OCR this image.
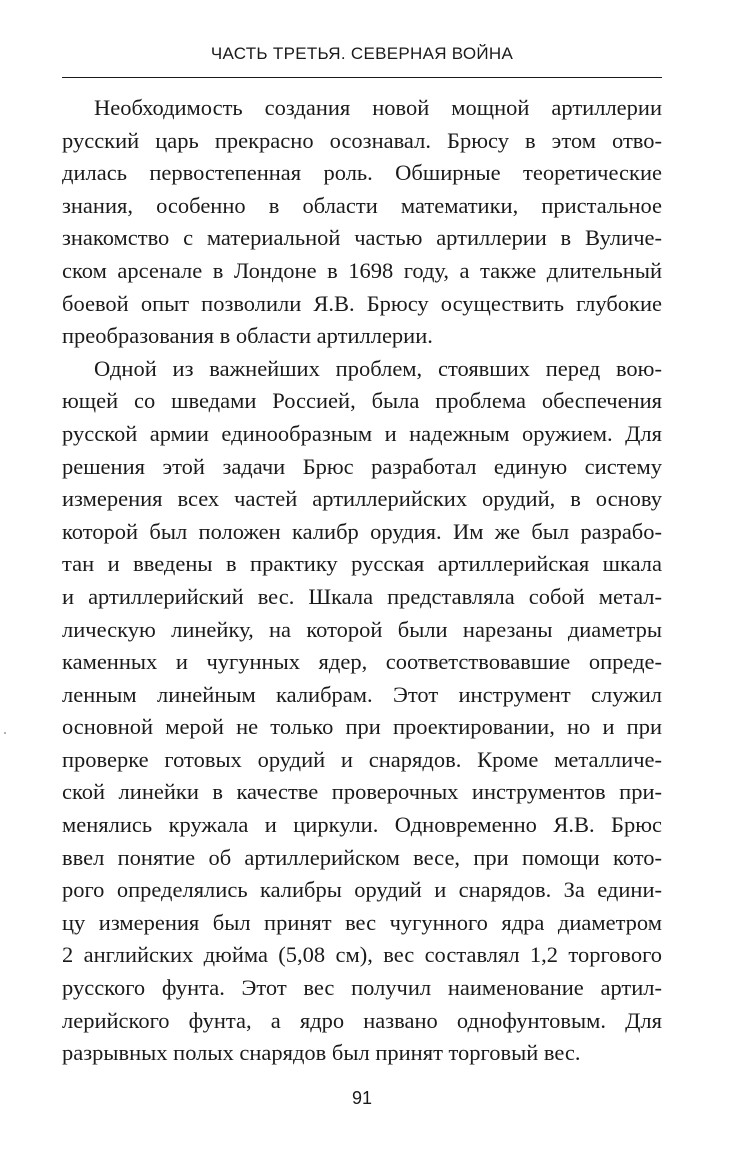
ЧАСТЬ ТРЕТЬЯ. СЕВЕРНАЯ ВОЙНА
Необходимость создания новой мощной артиллерии
русский царь прекрасно осознавал. Брюсу в этом отво-
дилась первостепенная роль. Обширные теоретические
знания, особенно в области математики, пристальное
знакомство с материальной частью артиллерии в Вуличе-
ском арсенале в Лондоне в 1698 году, а также длительный
боевой опыт позволили Я.В. Брюсу осуществить глубокие
преобразования в области артиллерии.
Одной из важнейших проблем, стоявших перед вою-
ющей со шведами Россией, была проблема обеспечения
русской армии единообразным и надежным оружием. Для
решения этой задачи Брюс разработал единую систему
измерения всех частей артиллерийских орудий, в основу
которой был положен калибр орудия. Им же был разрабо-
тан и введены в практику русская артиллерийская шкала
и артиллерийский вес. Шкала представляла собой метал-
лическую линейку, на которой были нарезаны диаметры
каменных и чугунных ядер, соответствовавшие опреде-
ленным линейным калибрам. Этот инструмент служил
основной мерой не только при проектировании, но и при
проверке готовых орудий и снарядов. Кроме металличе-
ской линейки в качестве проверочных инструментов при-
менялись кружала и циркули. Одновременно Я.В. Брюс
ввел понятие об артиллерийском весе, при помощи кото-
рого определялись калибры орудий и снарядов. За едини-
цу измерения был принят вес чугунного ядра диаметром
2 английских дюйма (5,08 см), вес составлял 1,2 торгового
русского фунта. Этот вес получил наименование артил-
лерийского фунта, а ядро названо однофунтовым. Для
разрывных полых снарядов был принят торговый вес.
91
